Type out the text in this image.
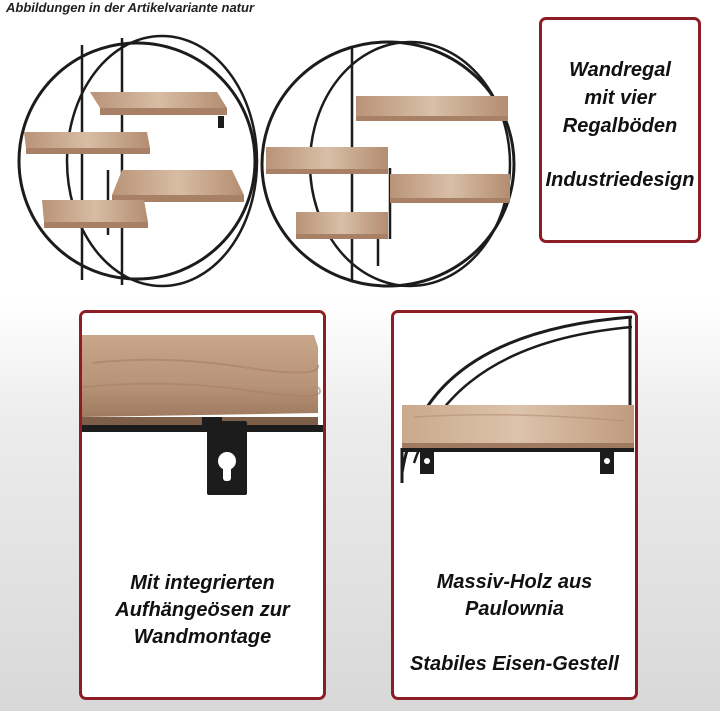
Abbildungen in der Artikelvariante natur
Wandregal
mit vier
Regalböden
Industriedesign
Mit integrierten
Aufhängeösen zur
Wandmontage
Massiv-Holz aus
Paulownia
Stabiles Eisen-Gestell
